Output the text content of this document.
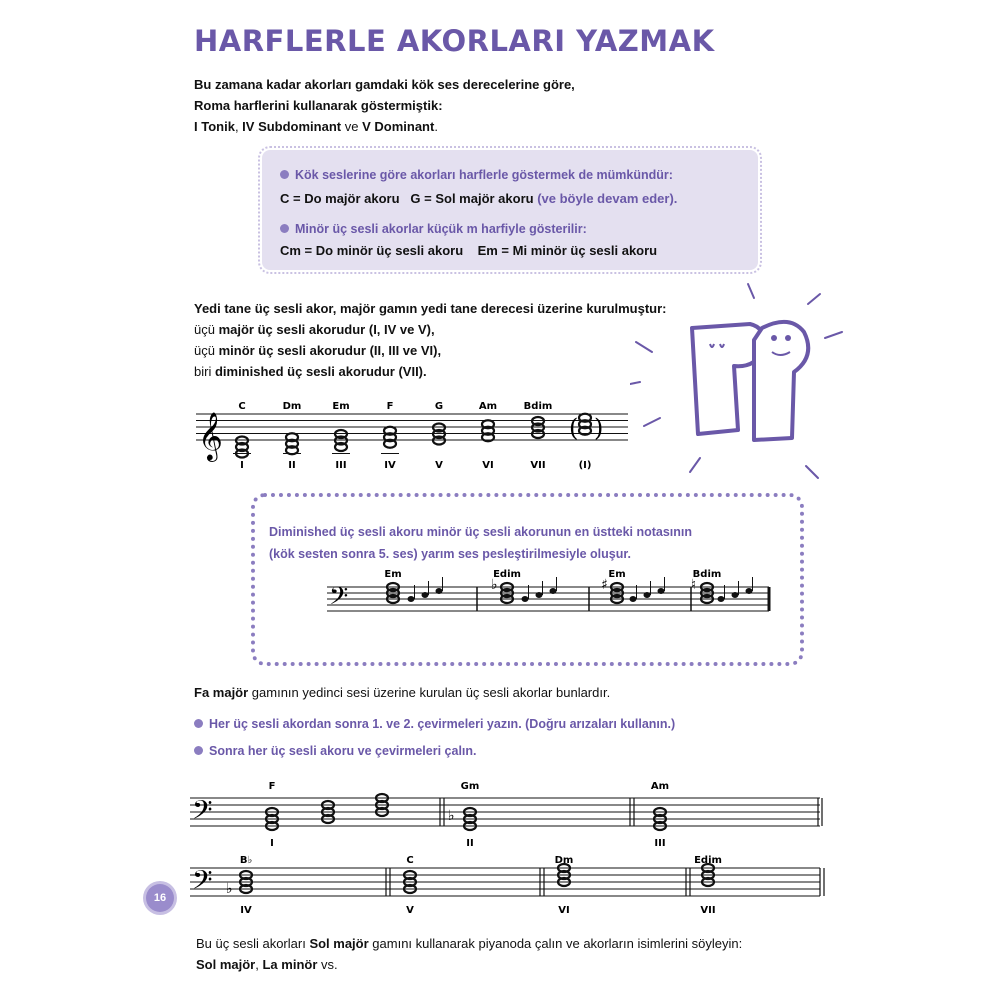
HARFLERLE AKORLARI YAZMAK
Bu zamana kadar akorları gamdaki kök ses derecelerine göre,
Roma harflerini kullanarak göstermiştik:
I Tonik, IV Subdominant ve V Dominant.
Kök seslerine göre akorları harflerle göstermek de mümkündür:
C = Do majör akoru G = Sol majör akoru (ve böyle devam eder).
Minör üç sesli akorlar küçük m harfiyle gösterilir:
Cm = Do minör üç sesli akoru Em = Mi minör üç sesli akoru
Yedi tane üç sesli akor, majör gamın yedi tane derecesi üzerine kurulmuştur:
üçü majör üç sesli akorudur (I, IV ve V),
üçü minör üç sesli akorudur (II, III ve VI),
biri diminished üç sesli akorudur (VII).
𝄞
C
I
Dm
II
Em
III
F
IV
G
V
Am
VI
Bdim
VII	(I)
( )
Diminished üç sesli akoru minör üç sesli akorunun en üstteki notasının
(kök sesten sonra 5. ses) yarım ses pesleştirilmesiyle oluşur.
𝄢
Em	Edim
♭
Em
♯
Bdim
♮
Fa majör gamının yedinci sesi üzerine kurulan üç sesli akorlar bunlardır.
Her üç sesli akordan sonra 1. ve 2. çevirmeleri yazın. (Doğru arızaları kullanın.)
Sonra her üç sesli akoru ve çevirmeleri çalın.
𝄢
F
I
Gm
II
Am
III
♭
𝄢
B♭
IV
C
V
Dm
VI
Edim
VII
♭
16
Bu üç sesli akorları Sol majör gamını kullanarak piyanoda çalın ve akorların isimlerini söyleyin:
Sol majör, La minör vs.
